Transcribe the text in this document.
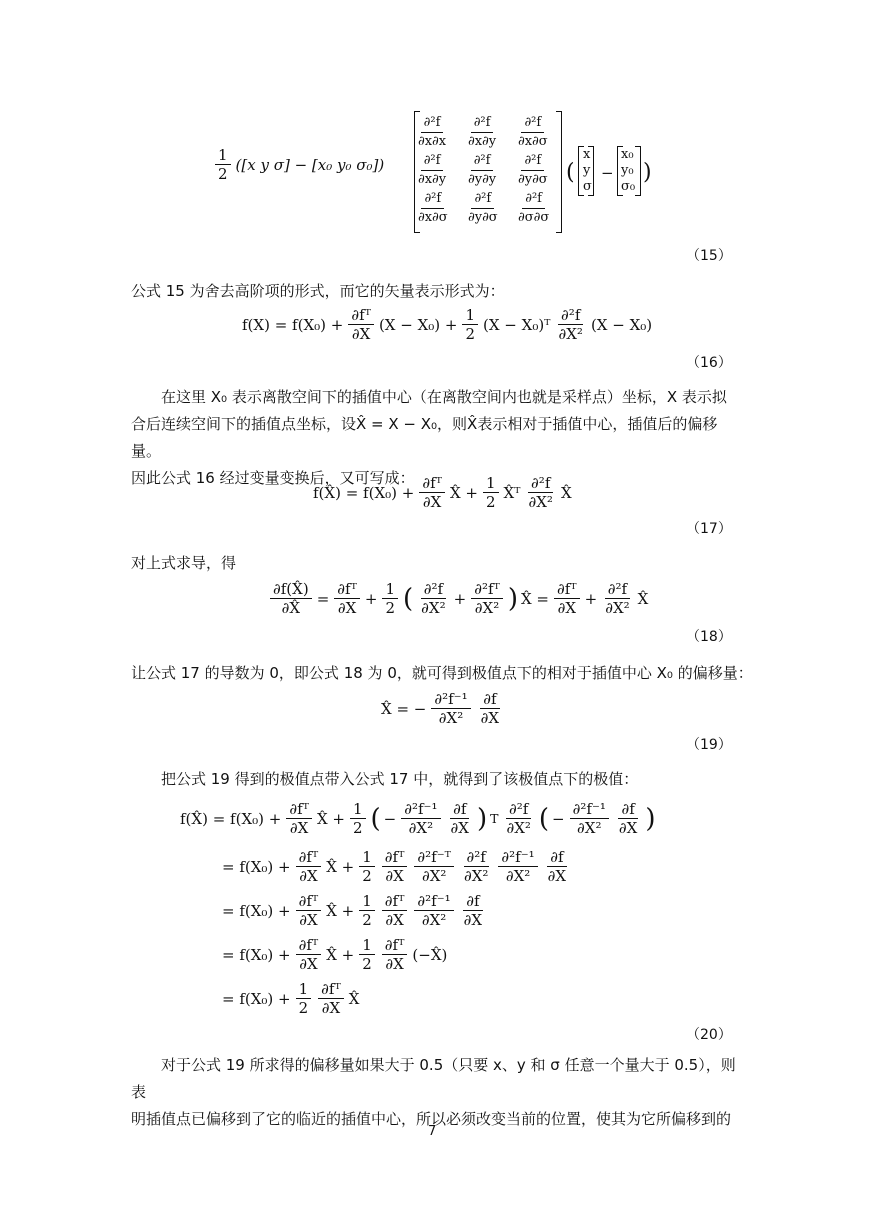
$\frac{1}{2} ([x$ y σ] − [x₀ y₀ σ₀])
$\frac{\text{∂²f}}{\partial x\partial x} \frac{\text{∂²f}}{\partial x\partial y} \frac{\text{∂²f}}{\partial x\partial\sigma}$
$\frac{\text{∂²f}}{\partial x\partial y} \frac{\text{∂²f}}{\partial y\partial y} \frac{\text{∂²f}}{\partial y\partial\sigma}$
$\frac{\text{∂²f}}{\partial x\partial\sigma} \frac{\text{∂²f}}{\partial y\partial\sigma} \frac{\text{∂²f}}{\partial\sigma\partial\sigma}$
(
x
y
σ
−
x₀
y₀
σ₀
)
（15）
公式 15 为舍去高阶项的形式，而它的矢量表示形式为：
$f(X) = f(X_0) + \frac{\text{∂fᵀ}}{\partial X} (X - X_0) + \frac{1}{2} (X$ − X₀)ᵀ $\frac{\text{∂²f}}{\text{∂X²}} (X - X_0)$
（16）
在这里 X₀ 表示离散空间下的插值中心（在离散空间内也就是采样点）坐标，X 表示拟
合后连续空间下的插值点坐标，设X̂ = X − X₀，则X̂表示相对于插值中心，插值后的偏移量。
因此公式 16 经过变量变换后，又可写成：
f(X̂) = $f(X_0) + \frac{\text{∂fᵀ}}{\partial X}$ X̂ + $\frac{1}{2}$ X̂ᵀ $\frac{\text{∂²f}}{\text{∂X²}}$ X̂
（17）
对上式求导，得
$\frac{\partial f(X̂)}{\partial X̂} = \frac{\text{∂fᵀ}}{\partial X} + \frac{1}{2}$ ( $\frac{\text{∂²f}}{\text{∂X²}} + \frac{\text{∂²fᵀ}}{\text{∂X²}}$ ) X̂ = $\frac{\text{∂fᵀ}}{\partial X} + \frac{\text{∂²f}}{\text{∂X²}}$ X̂
（18）
让公式 17 的导数为 0，即公式 18 为 0，就可得到极值点下的相对于插值中心 X₀ 的偏移量：
X̂ = − $\frac{\text{∂²f⁻¹}}{\text{∂X²}} \frac{\partial f}{\partial X}$
（19）
把公式 19 得到的极值点带入公式 17 中，就得到了该极值点下的极值：
f(X̂) = $f(X_0) + \frac{\text{∂fᵀ}}{\partial X}$ X̂ + $\frac{1}{2}$ ( − $\frac{\text{∂²f⁻¹}}{\text{∂X²}} \frac{\partial f}{\partial X}$ ) T $\frac{\text{∂²f}}{\text{∂X²}}$ ( − $\frac{\text{∂²f⁻¹}}{\text{∂X²}} \frac{\partial f}{\partial X}$ )
= $f(X_0) + \frac{\text{∂fᵀ}}{\partial X}$ X̂ + $\frac{1}{2} \frac{\text{∂fᵀ}}{\partial X} \frac{\text{∂²f⁻ᵀ}}{\text{∂X²}} \frac{\text{∂²f}}{\text{∂X²}} \frac{\text{∂²f⁻¹}}{\text{∂X²}} \frac{\partial f}{\partial X}$
= $f(X_0) + \frac{\text{∂fᵀ}}{\partial X}$ X̂ + $\frac{1}{2} \frac{\text{∂fᵀ}}{\partial X} \frac{\text{∂²f⁻¹}}{\text{∂X²}} \frac{\partial f}{\partial X}$
= $f(X_0) + \frac{\text{∂fᵀ}}{\partial X}$ X̂ + $\frac{1}{2} \frac{\text{∂fᵀ}}{\partial X}$ (−X̂)
= $f(X_0) + \frac{1}{2} \frac{\text{∂fᵀ}}{\partial X}$ X̂
（20）
对于公式 19 所求得的偏移量如果大于 0.5（只要 x、y 和 σ 任意一个量大于 0.5），则表
明插值点已偏移到了它的临近的插值中心，所以必须改变当前的位置，使其为它所偏移到的
7
